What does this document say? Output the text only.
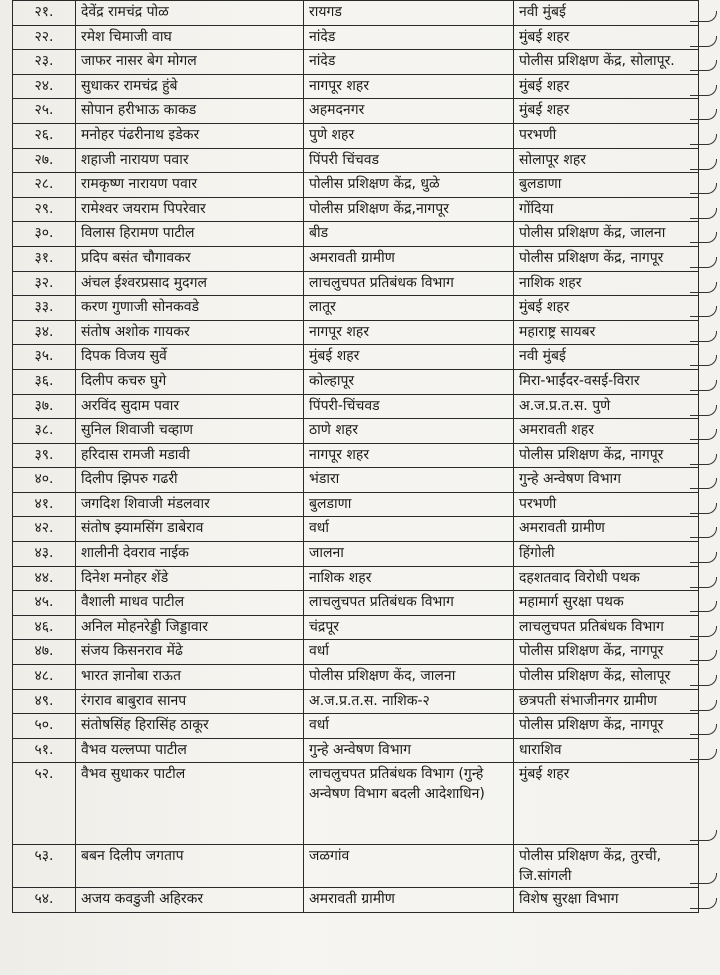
२१.	देवेंद्र रामचंद्र पोळ	रायगड	नवी मुंबई
२२.	रमेश चिमाजी वाघ	नांदेड	मुंबई शहर
२३.	जाफर नासर बेग मोगल	नांदेड	पोलीस प्रशिक्षण केंद्र, सोलापूर.
२४.	सुधाकर रामचंद्र हुंबे	नागपूर शहर	मुंबई शहर
२५.	सोपान हरीभाऊ काकड	अहमदनगर	मुंबई शहर
२६.	मनोहर पंढरीनाथ इडेकर	पुणे शहर	परभणी
२७.	शहाजी नारायण पवार	पिंपरी चिंचवड	सोलापूर शहर
२८.	रामकृष्ण नारायण पवार	पोलीस प्रशिक्षण केंद्र, धुळे	बुलडाणा
२९.	रामेश्वर जयराम पिपरेवार	पोलीस प्रशिक्षण केंद्र,नागपूर	गोंदिया
३०.	विलास हिरामण पाटील	बीड	पोलीस प्रशिक्षण केंद्र, जालना
३१.	प्रदिप बसंत चौगावकर	अमरावती ग्रामीण	पोलीस प्रशिक्षण केंद्र, नागपूर
३२.	अंचल ईश्वरप्रसाद मुदगल	लाचलुचपत प्रतिबंधक विभाग	नाशिक शहर
३३.	करण गुणाजी सोनकवडे	लातूर	मुंबई शहर
३४.	संतोष अशोक गायकर	नागपूर शहर	महाराष्ट्र सायबर
३५.	दिपक विजय सुर्वे	मुंबई शहर	नवी मुंबई
३६.	दिलीप कचरु घुगे	कोल्हापूर	मिरा-भाईंदर-वसई-विरार
३७.	अरविंद सुदाम पवार	पिंपरी-चिंचवड	अ.ज.प्र.त.स. पुणे
३८.	सुनिल शिवाजी चव्हाण	ठाणे शहर	अमरावती शहर
३९.	हरिदास रामजी मडावी	नागपूर शहर	पोलीस प्रशिक्षण केंद्र, नागपूर
४०.	दिलीप झिपरु गढरी	भंडारा	गुन्हे अन्वेषण विभाग
४१.	जगदिश शिवाजी मंडलवार	बुलडाणा	परभणी
४२.	संतोष झ्यामसिंग डाबेराव	वर्धा	अमरावती ग्रामीण
४३.	शालीनी देवराव नाईक	जालना	हिंगोली
४४.	दिनेश मनोहर शेंडे	नाशिक शहर	दहशतवाद विरोधी पथक
४५.	वैशाली माधव पाटील	लाचलुचपत प्रतिबंधक विभाग	महामार्ग सुरक्षा पथक
४६.	अनिल मोहनरेड्डी जिड्डावार	चंद्रपूर	लाचलुचपत प्रतिबंधक विभाग
४७.	संजय किसनराव मेंढे	वर्धा	पोलीस प्रशिक्षण केंद्र, नागपूर
४८.	भारत ज्ञानोबा राऊत	पोलीस प्रशिक्षण केंद, जालना	पोलीस प्रशिक्षण केंद्र, सोलापूर
४९.	रंगराव बाबुराव सानप	अ.ज.प्र.त.स. नाशिक-२	छत्रपती संभाजीनगर ग्रामीण
५०.	संतोषसिंह हिरासिंह ठाकूर	वर्धा	पोलीस प्रशिक्षण केंद्र, नागपूर
५१.	वैभव यल्लप्पा पाटील	गुन्हे अन्वेषण विभाग	धाराशिव
५२.	वैभव सुधाकर पाटील	लाचलुचपत प्रतिबंधक विभाग (गुन्हे अन्वेषण विभाग बदली आदेशाधिन)	मुंबई शहर
५३.	बबन दिलीप जगताप	जळगांव	पोलीस प्रशिक्षण केंद्र, तुरची, जि.सांगली
५४.	अजय कवडुजी अहिरकर	अमरावती ग्रामीण	विशेष सुरक्षा विभाग
